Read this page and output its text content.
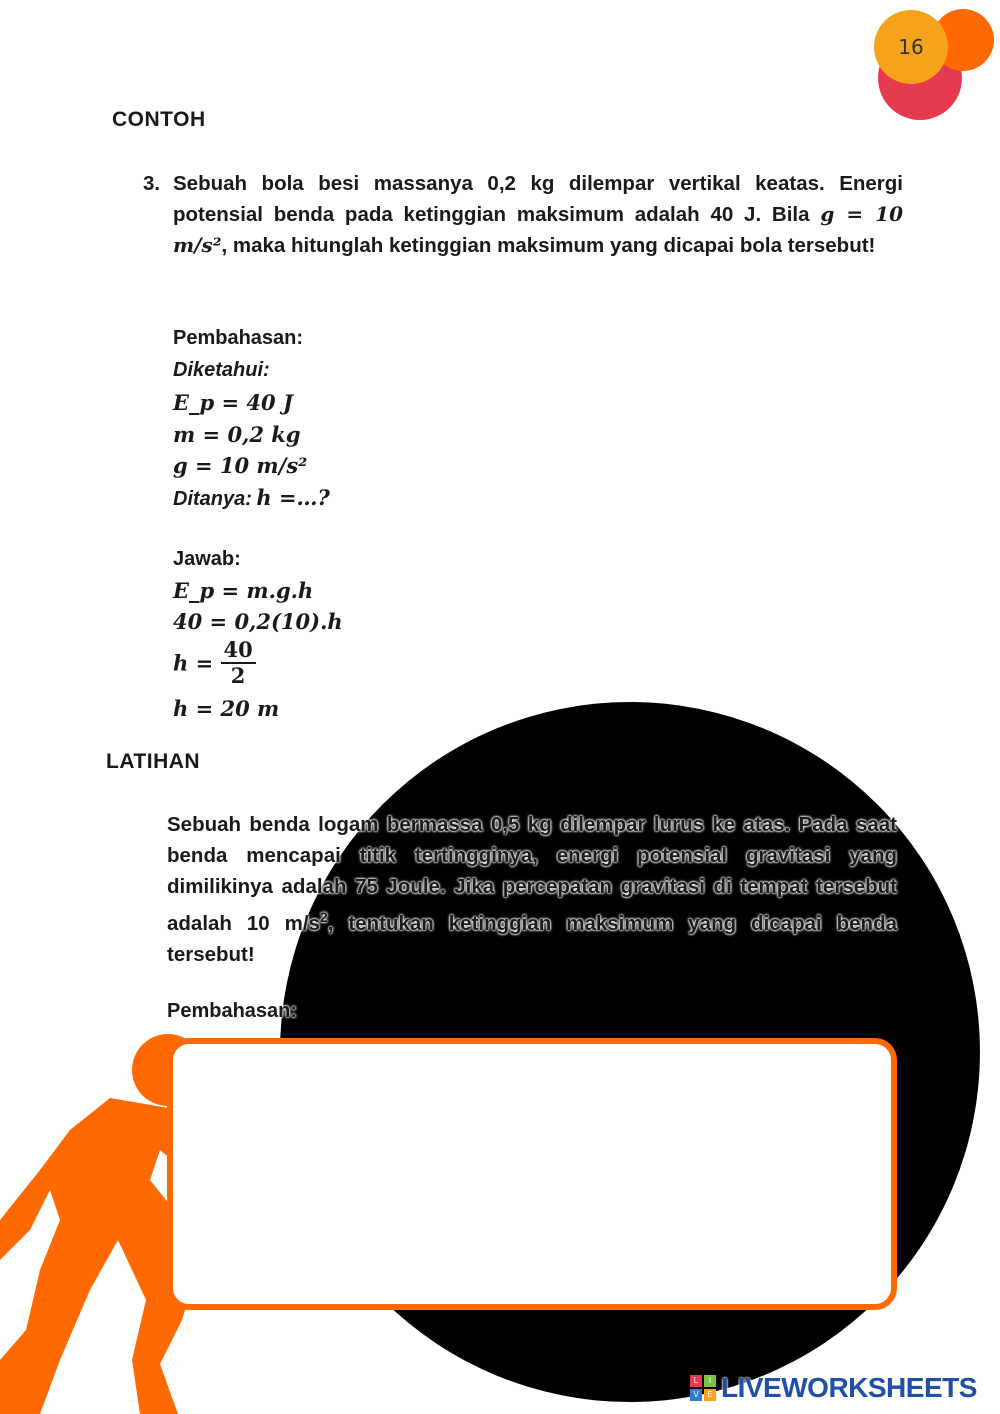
16
CONTOH
3. Sebuah bola besi massanya 0,2 kg dilempar vertikal keatas. Energi potensial benda pada ketinggian maksimum adalah 40 J. Bila g = 10 m/s², maka hitunglah ketinggian maksimum yang dicapai bola tersebut!
Pembahasan:
Diketahui:
E_p = 40 J
m = 0,2 kg
g = 10 m/s²
Ditanya: h =…?
Jawab:
E_p = m.g.h
40 = 0,2(10).h
$h = \frac{40}{2}$
h = 20 m
LATIHAN
Sebuah benda logam bermassa 0,5 kg dilempar lurus ke atas. Pada saat benda mencapai titik tertingginya, energi potensial gravitasi yang dimilikinya adalah 75 Joule. Jika percepatan gravitasi di tempat tersebut adalah 10 $m/s^2$, tentukan ketinggian maksimum yang dicapai benda tersebut!
Pembahasan:
L	I
V	E LIVEWORKSHEETS
